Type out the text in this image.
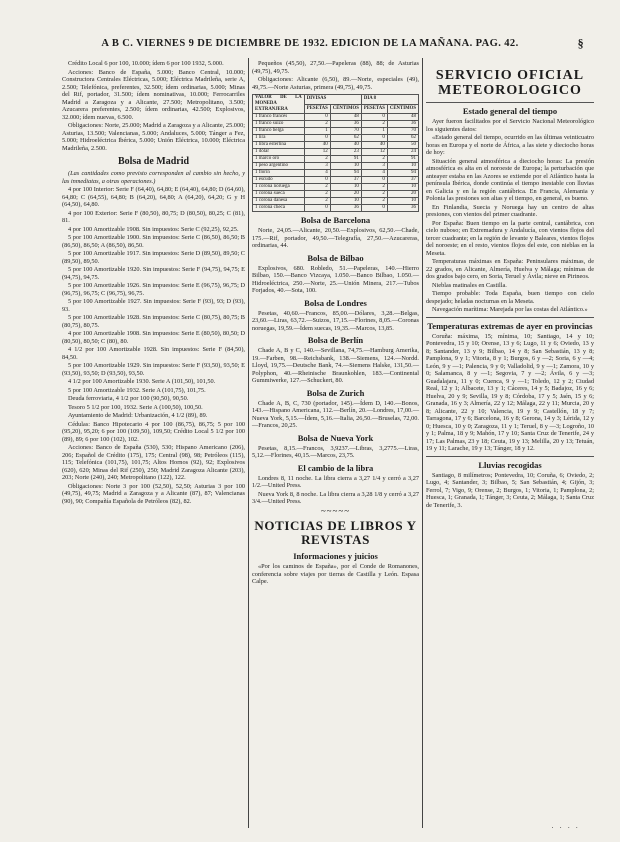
A B C. VIERNES 9 DE DICIEMBRE DE 1932. EDICION DE LA MAÑANA. PAG. 42.	§

Crédito Local 6 por 100, 10.000; ídem 6 por 100 1932, 5.000.

Acciones: Banco de España, 5.000; Banco Central, 10.000; Constructora Centrales Eléctricas, 5.000; Eléctrica Madrileña, serie A, 2.500; Telefónica, preferentes, 32.500; ídem ordinarias, 5.000; Minas del Rif, portador, 31.500; ídem nominativas, 10.000; Ferrocarriles Madrid a Zaragoza y a Alicante, 27.500; Metropolitano, 3.500; Azucarera preferentes, 2.500; ídem ordinarias, 42.500; Explosivos, 32.000; ídem nuevas, 6.500.

Obligaciones: Norte, 25.000; Madrid a Zaragoza y a Alicante, 25.000; Asturias, 13.500; Valencianas, 5.000; Andaluces, 5.000; Tánger a Fez, 5.000; Hidroeléctrica Ibérica, 5.000; Unión Eléctrica, 10.000; Eléctrica Madrileña, 2.500.

Bolsa de Madrid

(Las cantidades como previsto corresponden al cambio sin hecho, y las inmediatas, a otras operaciones.)

4 por 100 Interior: Serie F (64,40), 64,80; E (64,40), 64,80; D (64,60), 64,80; C (64,55), 64,80; B (64,20), 64,80; A (64,20), 64,20; G y H (64,50), 64,80.

4 por 100 Exterior: Serie F (80,50), 80,75; D (80,50), 80,25; C (81), 81.

4 por 100 Amortizable 1908. Sin impuestos: Serie C (92,25), 92,25.

5 por 100 Amortizable 1900. Sin impuestos: Serie C (86,50), 86,50; B (86,50), 86,50; A (86,50), 86,50.

5 por 100 Amortizable 1917. Sin impuestos: Serie D (89,50), 89,50; C (89,50), 89,50.

5 por 100 Amortizable 1920. Sin impuestos: Serie F (94,75), 94,75; E (94,75), 94,75.

5 por 100 Amortizable 1926. Sin impuestos: Serie E (96,75), 96,75; D (96,75), 96,75; C (96,75), 96,75.

5 por 100 Amortizable 1927. Sin impuestos: Serie F (93), 93; D (93), 93.

5 por 100 Amortizable 1928. Sin impuestos: Serie C (80,75), 80,75; B (80,75), 80,75.

4 por 100 Amortizable 1908. Sin impuestos: Serie E (80,50), 80,50; D (80,50), 80,50; C (80), 80.

4 1/2 por 100 Amortizable 1928. Sin impuestos: Serie F (84,50), 84,50.

5 por 100 Amortizable 1929. Sin impuestos: Serie F (93,50), 93,50; E (93,50), 93,50; D (93,50), 93,50.

4 1/2 por 100 Amortizable 1930. Serie A (101,50), 101,50.

5 por 100 Amortizable 1932. Serie A (101,75), 101,75.

Deuda ferroviaria, 4 1/2 por 100 (90,50), 90,50.

Tesoro 5 1/2 por 100, 1932. Serie A (100,50), 100,50.

Ayuntamiento de Madrid: Urbanización, 4 1/2 (89), 89.

Cédulas: Banco Hipotecario 4 por 100 (86,75), 86,75; 5 por 100 (95,20), 95,20; 6 por 100 (109,50), 109,50; Crédito Local 5 1/2 por 100 (89), 89; 6 por 100 (102), 102.

Acciones: Banco de España (530), 530; Hispano Americano (206), 206; Español de Crédito (175), 175; Central (98), 98; Petróleos (115), 115; Telefónica (101,75), 101,75; Altos Hornos (92), 92; Explosivos (620), 620; Minas del Rif (250), 250; Madrid Zaragoza Alicante (203), 203; Norte (240), 240; Metropolitano (122), 122.

Obligaciones: Norte 3 por 100 (52,50), 52,50; Asturias 3 por 100 (49,75), 49,75; Madrid a Zaragoza y a Alicante (87), 87; Valencianas (90), 90; Compañía Española de Petróleos (82), 82.

Pequeños (45,50), 27,50.—Papeleras (88), 88; de Asturias (49,75), 49,75.

Obligaciones: Alicante (6,50), 89.—Norte, especiales (49), 49,75.—Norte Asturias, primera (49,75), 49,75.

VALOR DE LA MONEDA EXTRANJERA	DIVISAS		DIA 8	
	PESETAS	CÉNTIMOS	PESETAS	CÉNTIMOS
1 franco francés	0	48	0	48
1 franco suizo	2	36	2	36
1 franco belga	1	70	1	70
1 lira	0	62	0	62
1 libra esterlina	40	40	40	50
1 dólar	12	23	12	24
1 marco oro	2	91	2	91
1 peso argentino	3	10	3	10
1 florín	4	94	4	94
1 escudo	0	37	0	37
1 corona noruega	2	10	2	10
1 corona sueca	2	20	2	20
1 corona danesa	2	10	2	10
1 corona checa	0	36	0	36
Bolsa de Barcelona

Norte, 24,05.—Alicante, 20,50.—Explosivos, 62,50.—Chade, 175.—Rif, portador, 49,50.—Telegrafía, 27,50.—Azucareras, ordinarias, 44.

Bolsa de Bilbao

Explosivos, 680. Robledo, 51.—Papeleras, 140.—Hierro Bilbao, 150.—Banco Vizcaya, 1.050.—Banco Bilbao, 1.050.—Hidroeléctrica, 250.—Norte, 25.—Unión Minera, 217.—Tubos Forjados, 40.—Sota, 100.

Bolsa de Londres

Pesetas, 40,60.—Francos, 85,00.—Dólares, 3,28.—Belgas, 23,60.—Liras, 63,72.—Suizos, 17,15.—Florines, 8,05.—Coronas noruegas, 19,59.—Ídem suecas, 19,35.—Marcos, 13,85.

Bolsa de Berlín

Chade A, B y C, 140.—Sevillana, 74,75.—Hamburg Amerika, 19.—Farben, 98.—Reichsbank, 138.—Siemens, 124.—Nordd. Lloyd, 19,75.—Deutsche Bank, 74.—Siemens Halske, 131,50.—Polyphon, 40.—Rheinische Braunkohlen, 183.—Continental Gummiwerke, 127.—Schuckert, 80.

Bolsa de Zurich

Chade A, B, C, 730 (portador, 145).—Ídem D, 140.—Bonos, 143.—Hispano Americana, 112.—Berlín, 20.—Londres, 17,00.—Nueva York, 5,15.—Ídem, 5,16.—Italia, 26,50.—Bruselas, 72,00.—Francos, 20,25.

Bolsa de Nueva York

Pesetas, 8,15.—Francos, 3,9237.—Libras, 3,2775.—Liras, 5,12.—Florines, 40,15.—Marcos, 23,75.

El cambio de la libra

Londres 8, 11 noche. La libra cierra a 3,27 1/4 y cerró a 3,27 1/2.—United Press.

Nueva York 8, 8 noche. La libra cierra a 3,28 1/8 y cerró a 3,27 3/4.—United Press.

~~~~~
NOTICIAS DE LIBROS Y REVISTAS
Informaciones y juicios

«Por los caminos de España», por el Conde de Romanones, conferencia sobre viajes por tierras de Castilla y León. Espasa Calpe.

SERVICIO OFICIAL METEOROLOGICO
Estado general del tiempo

Ayer fueron facilitados por el Servicio Nacional Meteorológico los siguientes datos:

«Estado general del tiempo, ocurrido en las últimas veinticuatro horas en Europa y el norte de África, a las siete y dieciocho horas de hoy:

Situación general atmosférica a dieciocho horas: La presión atmosférica es alta en el noroeste de Europa; la perturbación que anteayer estaba en las Azores se extiende por el Atlántico hasta la península Ibérica, donde continúa el tiempo inestable con lluvias en Galicia y en la región cantábrica. En Francia, Alemania y Polonia las presiones son altas y el tiempo, en general, es bueno.

En Finlandia, Suecia y Noruega hay un centro de altas presiones, con vientos del primer cuadrante.

Por España: Buen tiempo en la parte central, cantábrica, con cielo nuboso; en Extremadura y Andalucía, con vientos flojos del tercer cuadrante; en la región de levante y Baleares, vientos flojos del noroeste; en el resto, vientos flojos del este, con nieblas en la Meseta.

Temperaturas máximas en España: Peninsulares máximas, de 22 grados, en Alicante, Almería, Huelva y Málaga; mínimas de dos grados bajo cero, en Soria, Teruel y Ávila; nieve en Pirineos.

Nieblas matinales en Castilla.

Tiempo probable: Toda España, buen tiempo con cielo despejado; heladas nocturnas en la Meseta.

Navegación marítima: Marejada por las costas del Atlántico.»

Temperaturas extremas de ayer en provincias

Coruña: máxima, 15; mínima, 10; Santiago, 14 y 10; Pontevedra, 15 y 10; Orense, 13 y 6; Lugo, 11 y 6; Oviedo, 13 y 8; Santander, 13 y 9; Bilbao, 14 y 8; San Sebastián, 13 y 8; Pamplona, 9 y 1; Vitoria, 8 y 1; Burgos, 6 y —2; Soria, 6 y —4; León, 9 y —1; Palencia, 9 y 0; Valladolid, 9 y —1; Zamora, 10 y 0; Salamanca, 8 y —1; Segovia, 7 y —2; Ávila, 6 y —3; Guadalajara, 11 y 0; Cuenca, 9 y —1; Toledo, 12 y 2; Ciudad Real, 12 y 1; Albacete, 13 y 1; Cáceres, 14 y 5; Badajoz, 16 y 6; Huelva, 20 y 9; Sevilla, 19 y 8; Córdoba, 17 y 5; Jaén, 15 y 6; Granada, 16 y 3; Almería, 22 y 12; Málaga, 22 y 11; Murcia, 20 y 8; Alicante, 22 y 10; Valencia, 19 y 9; Castellón, 18 y 7; Tarragona, 17 y 6; Barcelona, 16 y 8; Gerona, 14 y 3; Lérida, 12 y 0; Huesca, 10 y 0; Zaragoza, 11 y 1; Teruel, 8 y —3; Logroño, 10 y 1; Palma, 18 y 9; Mahón, 17 y 10; Santa Cruz de Tenerife, 24 y 17; Las Palmas, 23 y 18; Ceuta, 19 y 13; Melilla, 20 y 13; Tetuán, 19 y 11; Larache, 19 y 13; Tánger, 18 y 12.

Lluvias recogidas

Santiago, 8 milímetros; Pontevedra, 10; Coruña, 6; Oviedo, 2; Lugo, 4; Santander, 3; Bilbao, 5; San Sebastián, 4; Gijón, 3; Ferrol, 7; Vigo, 9; Orense, 2; Burgos, 1; Vitoria, 1; Pamplona, 2; Huesca, 1; Granada, 1; Tánger, 3; Ceuta, 2; Málaga, 1; Santa Cruz de Tenerife, 3.

· · · ·
